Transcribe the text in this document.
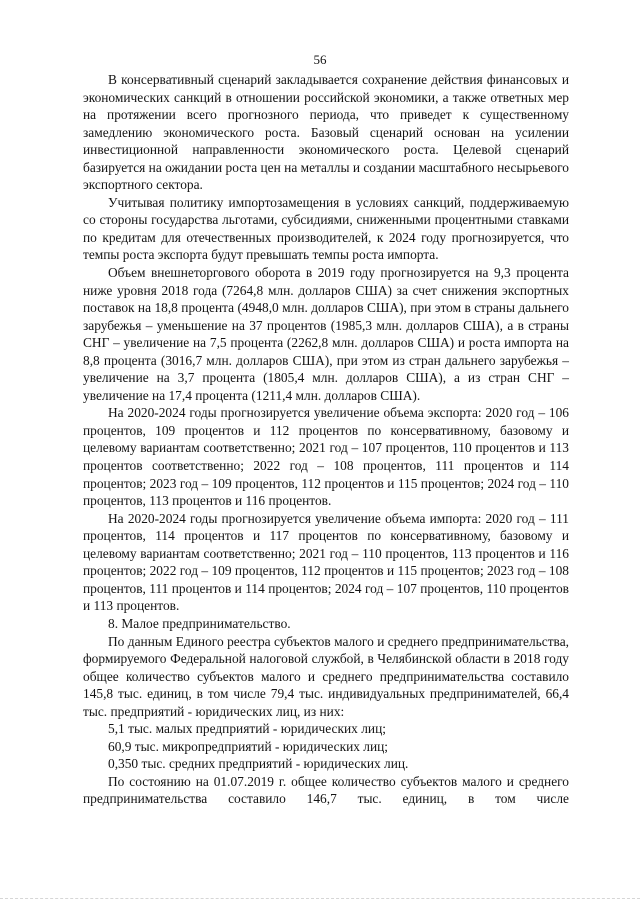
56

В консервативный сценарий закладывается сохранение действия финансовых и экономических санкций в отношении российской экономики, а также ответных мер на протяжении всего прогнозного периода, что приведет к существенному замедлению экономического роста. Базовый сценарий основан на усилении инвестиционной направленности экономического роста. Целевой сценарий базируется на ожидании роста цен на металлы и создании масштабного несырьевого экспортного сектора.

Учитывая политику импортозамещения в условиях санкций, поддерживаемую со стороны государства льготами, субсидиями, сниженными процентными ставками по кредитам для отечественных производителей, к 2024 году прогнозируется, что темпы роста экспорта будут превышать темпы роста импорта.

Объем внешнеторгового оборота в 2019 году прогнозируется на 9,3 процента ниже уровня 2018 года (7264,8 млн. долларов США) за счет снижения экспортных поставок на 18,8 процента (4948,0 млн. долларов США), при этом в страны дальнего зарубежья – уменьшение на 37 процентов (1985,3 млн. долларов США), а в страны СНГ – увеличение на 7,5 процента (2262,8 млн. долларов США) и роста импорта на 8,8 процента (3016,7 млн. долларов США), при этом из стран дальнего зарубежья – увеличение на 3,7 процента (1805,4 млн. долларов США), а из стран СНГ – увеличение на 17,4 процента (1211,4 млн. долларов США).

На 2020-2024 годы прогнозируется увеличение объема экспорта: 2020 год – 106 процентов, 109 процентов и 112 процентов по консервативному, базовому и целевому вариантам соответственно; 2021 год – 107 процентов, 110 процентов и 113 процентов соответственно; 2022 год – 108 процентов, 111 процентов и 114 процентов; 2023 год – 109 процентов, 112 процентов и 115 процентов; 2024 год – 110 процентов, 113 процентов и 116 процентов.

На 2020-2024 годы прогнозируется увеличение объема импорта: 2020 год – 111 процентов, 114 процентов и 117 процентов по консервативному, базовому и целевому вариантам соответственно; 2021 год – 110 процентов, 113 процентов и 116 процентов; 2022 год – 109 процентов, 112 процентов и 115 процентов; 2023 год – 108 процентов, 111 процентов и 114 процентов; 2024 год – 107 процентов, 110 процентов и 113 процентов.

8. Малое предпринимательство.

По данным Единого реестра субъектов малого и среднего предпринимательства, формируемого Федеральной налоговой службой, в Челябинской области в 2018 году общее количество субъектов малого и среднего предпринимательства составило 145,8 тыс. единиц, в том числе 79,4 тыс. индивидуальных предпринимателей, 66,4 тыс. предприятий - юридических лиц, из них:

5,1 тыс. малых предприятий - юридических лиц;

60,9 тыс. микропредприятий - юридических лиц;

0,350 тыс. средних предприятий - юридических лиц.

По состоянию на 01.07.2019 г. общее количество субъектов малого и среднего предпринимательства составило 146,7 тыс. единиц, в том числе
